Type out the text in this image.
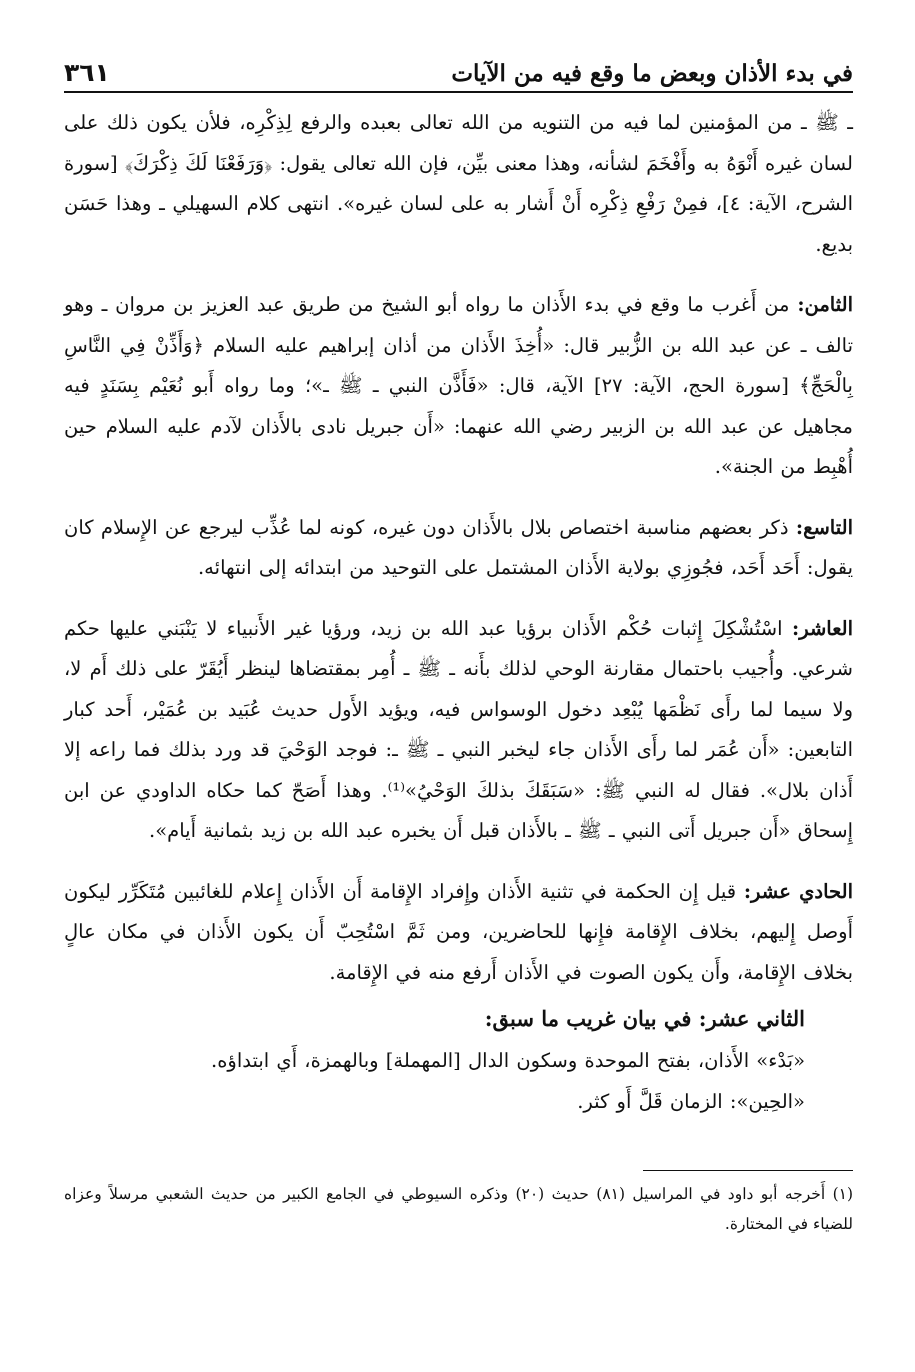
في بدء الأذان وبعض ما وقع فيه من الآيات
٣٦١

ـ ﷺ ـ من المؤمنين لما فيه من التنويه من الله تعالى بعبده والرفع لِذِكْرِه، فلأن يكون ذلك على لسان غيره أَنْوَهُ به وأَفْخَمَ لشأنه، وهذا معنى بيِّن، فإن الله تعالى يقول: ﴿وَرَفَعْنَا لَكَ ذِكْرَكَ﴾ [سورة الشرح، الآية: ٤]، فمِنْ رَفْعِ ذِكْرِه أَنْ أَشار به على لسان غيره». انتهى كلام السهيلي ـ وهذا حَسَن بديع.

الثامن: من أَغرب ما وقع في بدء الأَذان ما رواه أبو الشيخ من طريق عبد العزيز بن مروان ـ وهو تالف ـ عن عبد الله بن الزُّبير قال: «أُخِذَ الأَذان من أذان إبراهيم عليه السلام ﴿وَأَذِّنْ فِي النَّاسِ بِالْحَجِّ﴾ [سورة الحج، الآية: ٢٧] الآية، قال: «فَأَذَّن النبي ـ ﷺ ـ»؛ وما رواه أَبو نُعَيْم بِسَنَدٍ فيه مجاهيل عن عبد الله بن الزبير رضي الله عنهما: «أَن جبريل نادى بالأَذان لآدم عليه السلام حين أُهْبِط من الجنة».

التاسع: ذكر بعضهم مناسبة اختصاص بلال بالأَذان دون غيره، كونه لما عُذِّب ليرجع عن الإِسلام كان يقول: أَحَد أَحَد، فجُوزِي بولاية الأَذان المشتمل على التوحيد من ابتدائه إلى انتهائه.

العاشر: اسْتُشْكِلَ إِثبات حُكْم الأَذان برؤيا عبد الله بن زيد، ورؤيا غير الأَنبياء لا يَنْبَني عليها حكم شرعي. وأُجيب باحتمال مقارنة الوحي لذلك بأَنه ـ ﷺ ـ أُمِر بمقتضاها لينظر أَيُقَرّ على ذلك أَم لا، ولا سيما لما رأَى نَظْمَها يُبْعِد دخول الوسواس فيه، ويؤيد الأَول حديث عُبَيد بن عُمَيْر، أَحد كبار التابعين: «أَن عُمَر لما رأَى الأَذان جاء ليخبر النبي ـ ﷺ ـ: فوجد الوَحْيَ قد ورد بذلك فما راعه إلا أَذان بلال». فقال له النبي ﷺ: «سَبَقَكَ بذلكَ الوَحْيُ»⁽¹⁾. وهذا أَصَحّ كما حكاه الداودي عن ابن إِسحاق «أَن جبريل أَتى النبي ـ ﷺ ـ بالأَذان قبل أَن يخبره عبد الله بن زيد بثمانية أَيام».

الحادي عشر: قيل إِن الحكمة في تثنية الأَذان وإِفراد الإِقامة أَن الأَذان إِعلام للغائبين مُتَكَرِّر ليكون أَوصل إِليهم، بخلاف الإِقامة فإِنها للحاضرين، ومن ثَمَّ اسْتُحِبّ أَن يكون الأَذان في مكان عالٍ بخلاف الإِقامة، وأَن يكون الصوت في الأَذان أَرفع منه في الإِقامة.

الثاني عشر: في بيان غريب ما سبق:

«بَدْء» الأَذان، بفتح الموحدة وسكون الدال [المهملة] وبالهمزة، أَي ابتداؤه.

«الحِين»: الزمان قَلَّ أَو كثر.

(١) أَخرجه أبو داود في المراسيل (٨١) حديث (٢٠) وذكره السيوطي في الجامع الكبير من حديث الشعبي مرسلاً وعزاه للضياء في المختارة.
